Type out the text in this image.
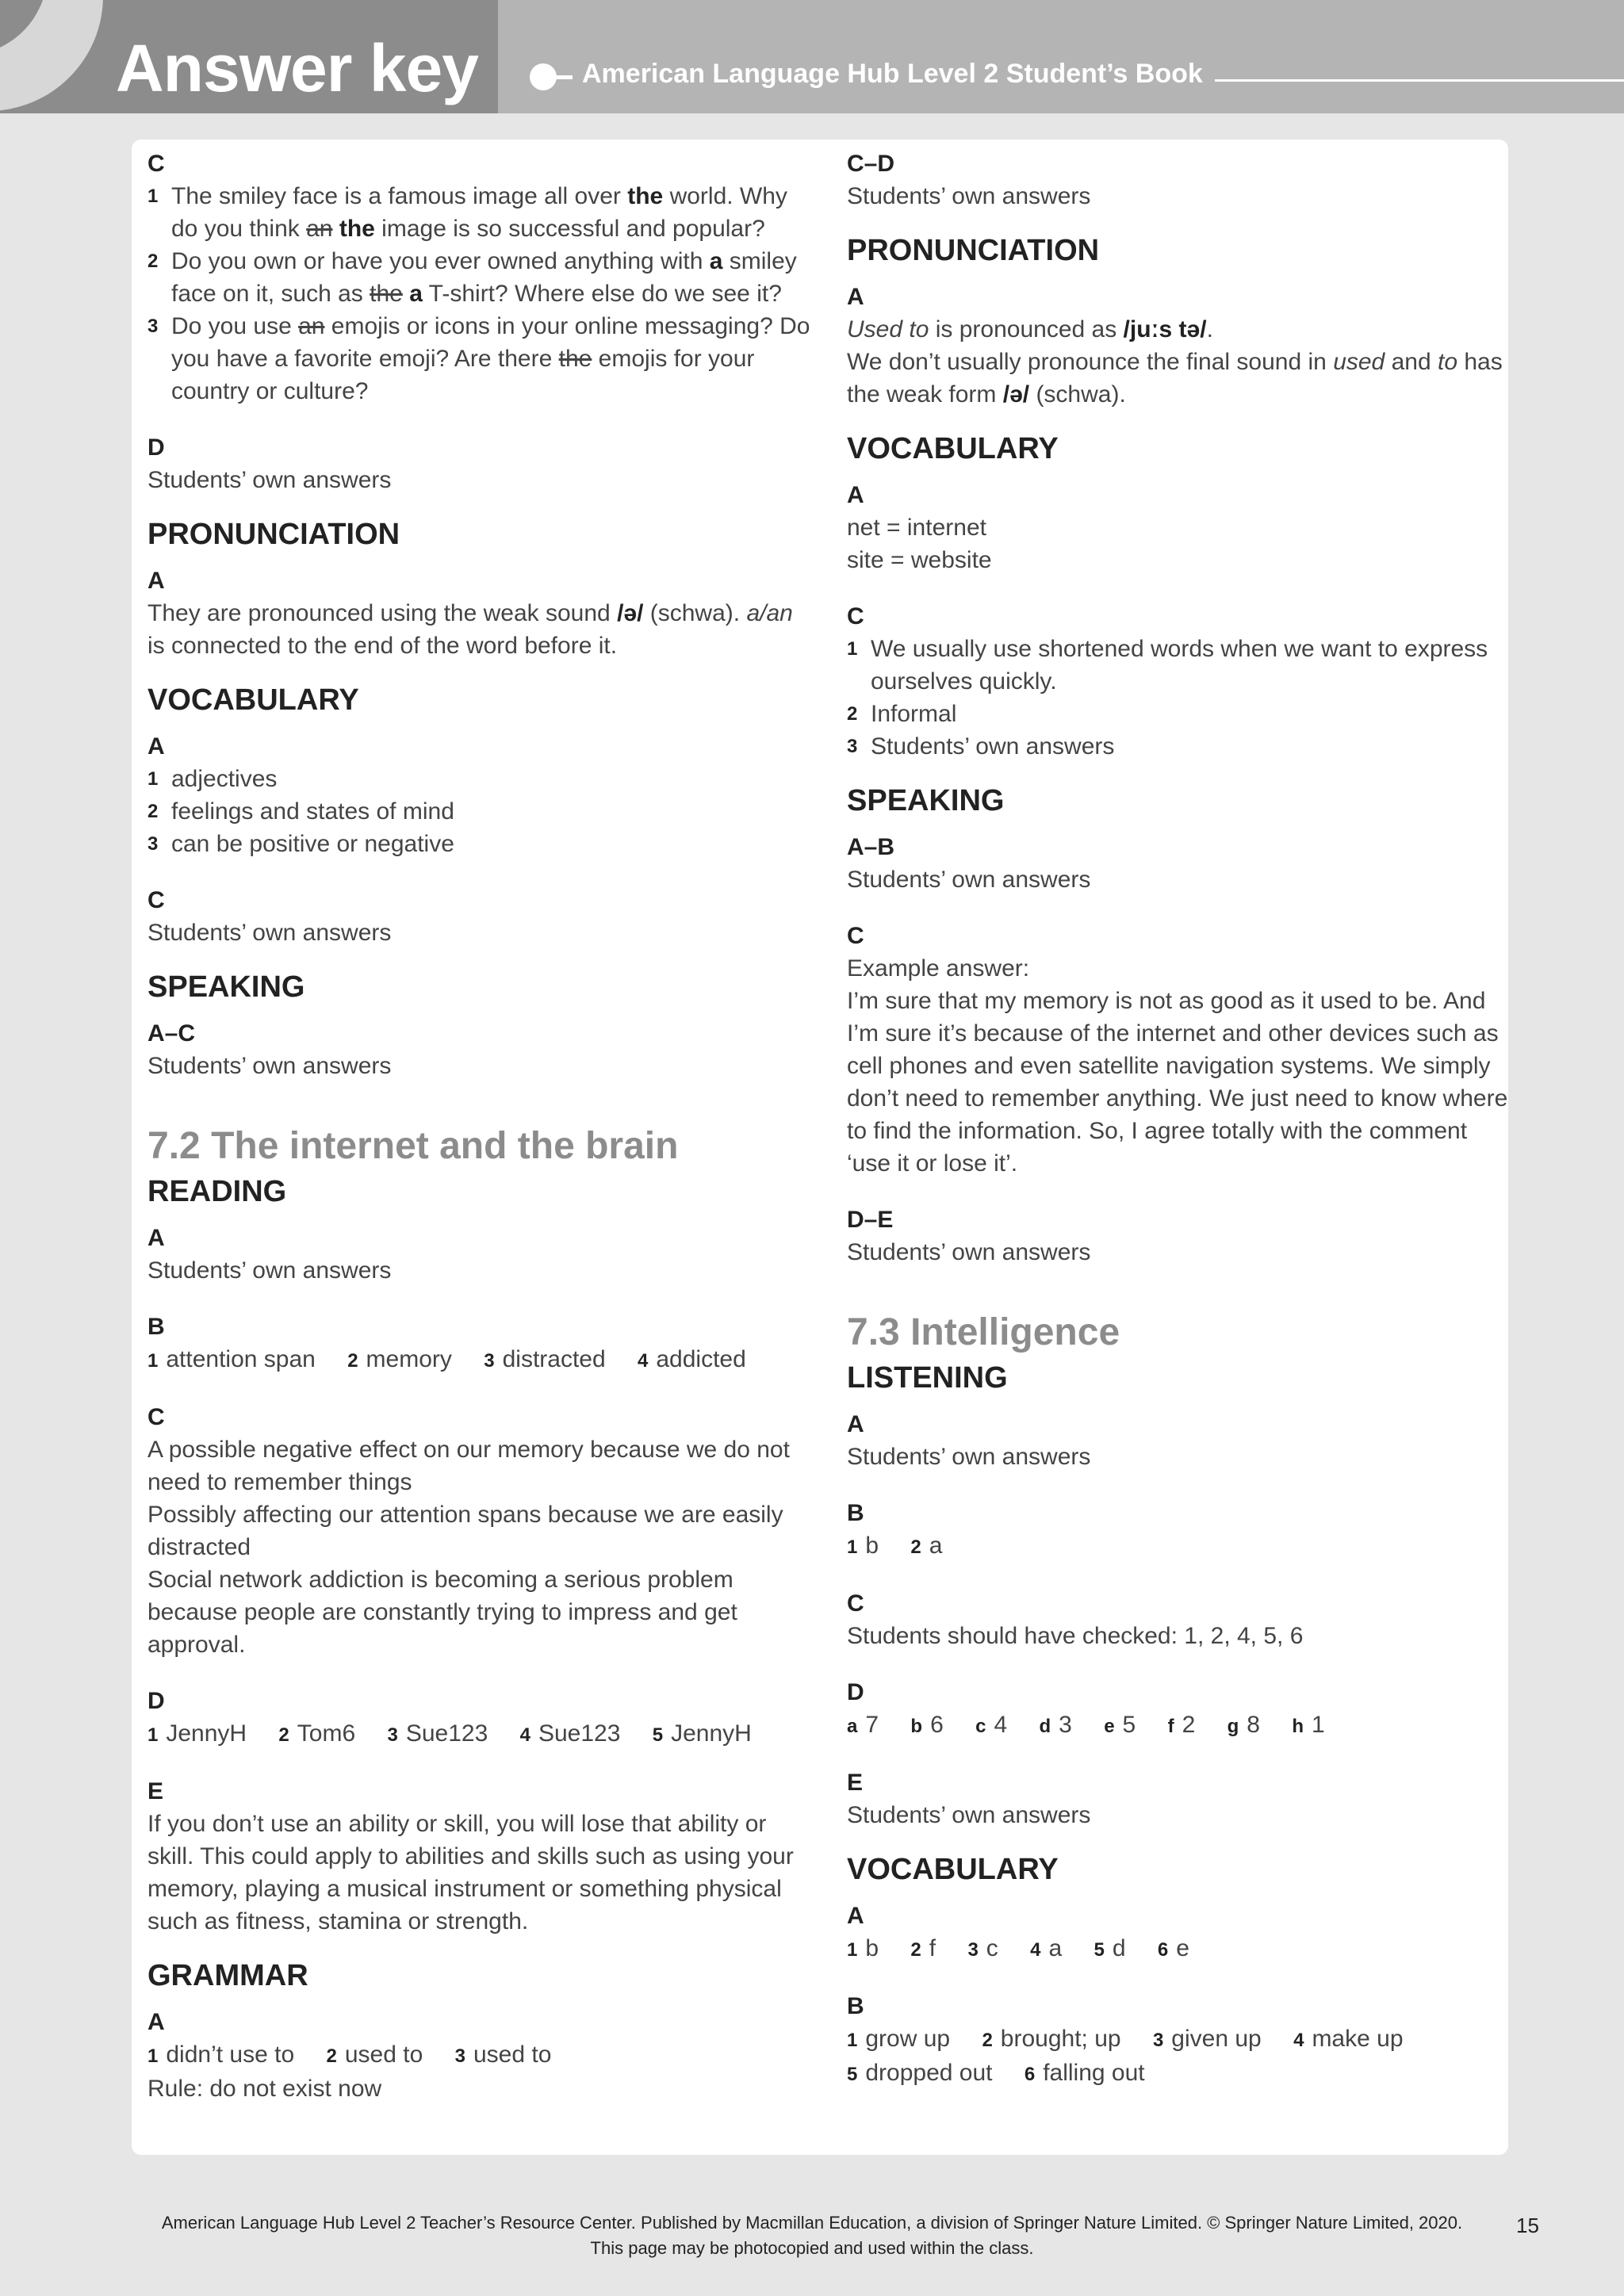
Answer key	American Language Hub Level 2 Student’s Book
C
1 The smiley face is a famous image all over the world. Why do you think an the image is so successful and popular?
2 Do you own or have you ever owned anything with a smiley face on it, such as the a T-shirt? Where else do we see it?
3 Do you use an emojis or icons in your online messaging? Do you have a favorite emoji? Are there the emojis for your country or culture?
D
Students’ own answers
PRONUNCIATION
A
They are pronounced using the weak sound /ə/ (schwa). a/an is connected to the end of the word before it.
VOCABULARY
A
1 adjectives
2 feelings and states of mind
3 can be positive or negative
C
Students’ own answers
SPEAKING
A–C
Students’ own answers
7.2 The internet and the brain
READING
A
Students’ own answers
B
1 attention span 2 memory 3 distracted 4 addicted
C
A possible negative effect on our memory because we do not need to remember things
Possibly affecting our attention spans because we are easily distracted
Social network addiction is becoming a serious problem because people are constantly trying to impress and get approval.
D
1 JennyH 2 Tom6 3 Sue123 4 Sue123 5 JennyH
E
If you don’t use an ability or skill, you will lose that ability or skill. This could apply to abilities and skills such as using your memory, playing a musical instrument or something physical such as fitness, stamina or strength.
GRAMMAR
A
1 didn’t use to 2 used to 3 used to
Rule: do not exist now
C–D
Students’ own answers
PRONUNCIATION
A
Used to is pronounced as /juːs tə/.
We don’t usually pronounce the final sound in used and to has the weak form /ə/ (schwa).
VOCABULARY
A
net = internet
site = website
C
1 We usually use shortened words when we want to express ourselves quickly.
2 Informal
3 Students’ own answers
SPEAKING
A–B
Students’ own answers
C
Example answer:
I’m sure that my memory is not as good as it used to be. And I’m sure it’s because of the internet and other devices such as cell phones and even satellite navigation systems. We simply don’t need to remember anything. We just need to know where to find the information. So, I agree totally with the comment ‘use it or lose it’.
D–E
Students’ own answers
7.3 Intelligence
LISTENING
A
Students’ own answers
B
1 b 2 a
C
Students should have checked: 1, 2, 4, 5, 6
D
a 7 b 6 c 4 d 3 e 5 f 2 g 8 h 1
E
Students’ own answers
VOCABULARY
A
1 b 2 f 3 c 4 a 5 d 6 e
B
1 grow up 2 brought; up 3 given up 4 make up
5 dropped out 6 falling out
American Language Hub Level 2 Teacher’s Resource Center. Published by Macmillan Education, a division of Springer Nature Limited. © Springer Nature Limited, 2020.
This page may be photocopied and used within the class.
15
